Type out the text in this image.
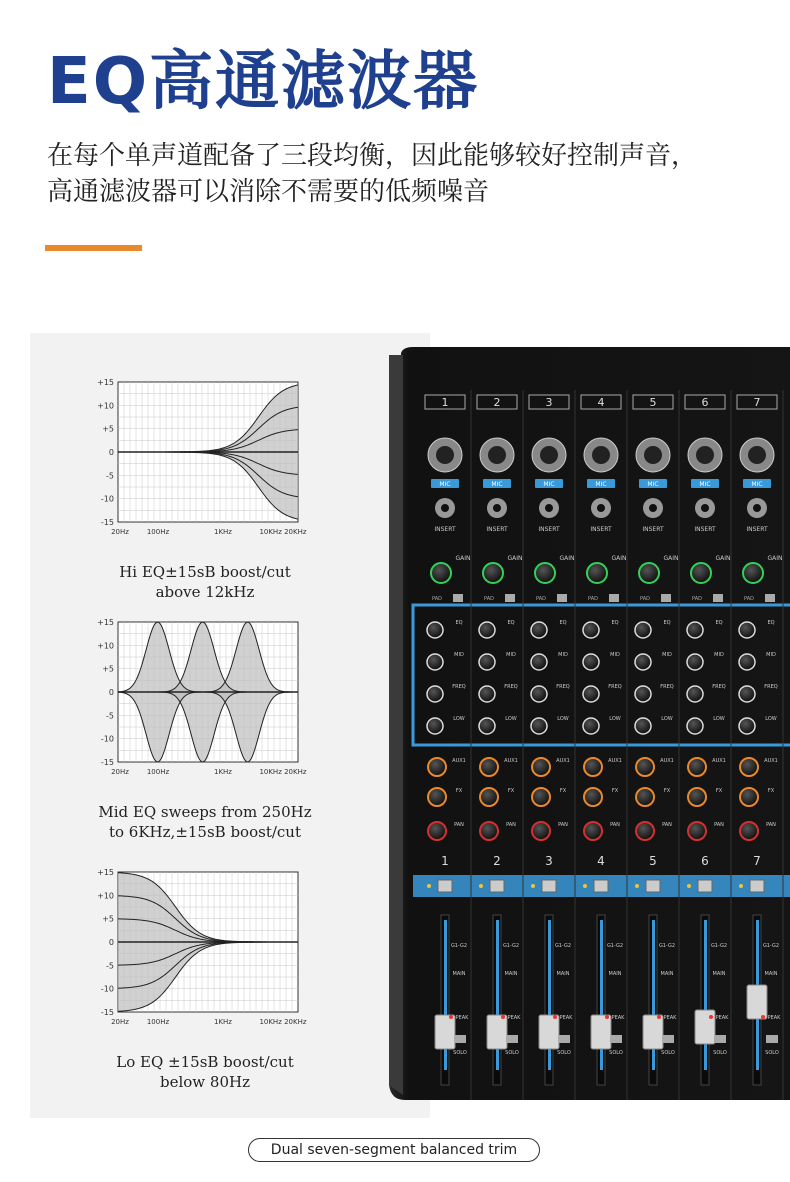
EQ高通滤波器
在每个单声道配备了三段均衡，因此能够较好控制声音，
高通滤波器可以消除不需要的低频噪音
+15
+10
+5
0
-5
-10
-15
20Hz	100Hz	1KHz	10KHz 20KHz
Hi EQ±15sB boost/cut
above 12kHz
+15
+10
+5
0
-5
-10
-15
20Hz	100Hz	1KHz	10KHz 20KHz
Mid EQ sweeps from 250Hz
to 6KHz,±15sB boost/cut
+15
+10
+5
0
-5
-10
-15
20Hz	100Hz	1KHz	10KHz 20KHz
Lo EQ ±15sB boost/cut
below 80Hz
1
MIC
INSERT
GAIN
PAD
EQ
MID
FREQ
LOW
AUX1
FX
PAN
1
G1-G2
MAIN
PEAK
SOLO
2
MIC
INSERT
GAIN
PAD
EQ
MID
FREQ
LOW
AUX1
FX
PAN
2
G1-G2
MAIN
PEAK
SOLO
3
MIC
INSERT
GAIN
PAD
EQ
MID
FREQ
LOW
AUX1
FX
PAN
3
G1-G2
MAIN
PEAK
SOLO
4
MIC
INSERT
GAIN
PAD
EQ
MID
FREQ
LOW
AUX1
FX
PAN
4
G1-G2
MAIN
PEAK
SOLO
5
MIC
INSERT
GAIN
PAD
EQ
MID
FREQ
LOW
AUX1
FX
PAN
5
G1-G2
MAIN
PEAK
SOLO
6
MIC
INSERT
GAIN
PAD
EQ
MID
FREQ
LOW
AUX1
FX
PAN
6
G1-G2
MAIN
PEAK
SOLO
7
MIC
INSERT
GAIN
PAD
EQ
MID
FREQ
LOW
AUX1
FX
PAN
7
G1-G2
MAIN
PEAK
SOLO
Dual seven-segment balanced trim
